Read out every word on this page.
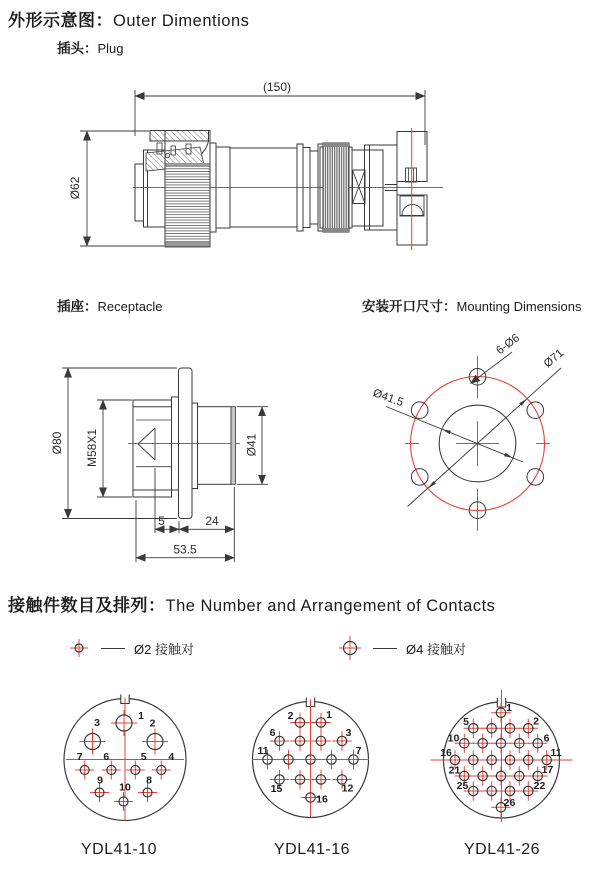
外形示意图：Outer Dimentions
插头：Plug
插座：Receptacle	安装开口尺寸：Mounting Dimensions
接触件数目及排列：The Number and Arrangement of Contacts
Ø2 接触对	Ø4 接触对
YDL41-10	YDL41-16	YDL41-26
(150)
Ø62
Ø80 M58X1	Ø41
5	24
53.5
6-Ø6
Ø71
Ø41.5
1
2
3
4
5
6
7
8
9
10
1
2
6	3
11	7
15	12
16
1
5	2
10	6
16	11
21	17
25	22
26
